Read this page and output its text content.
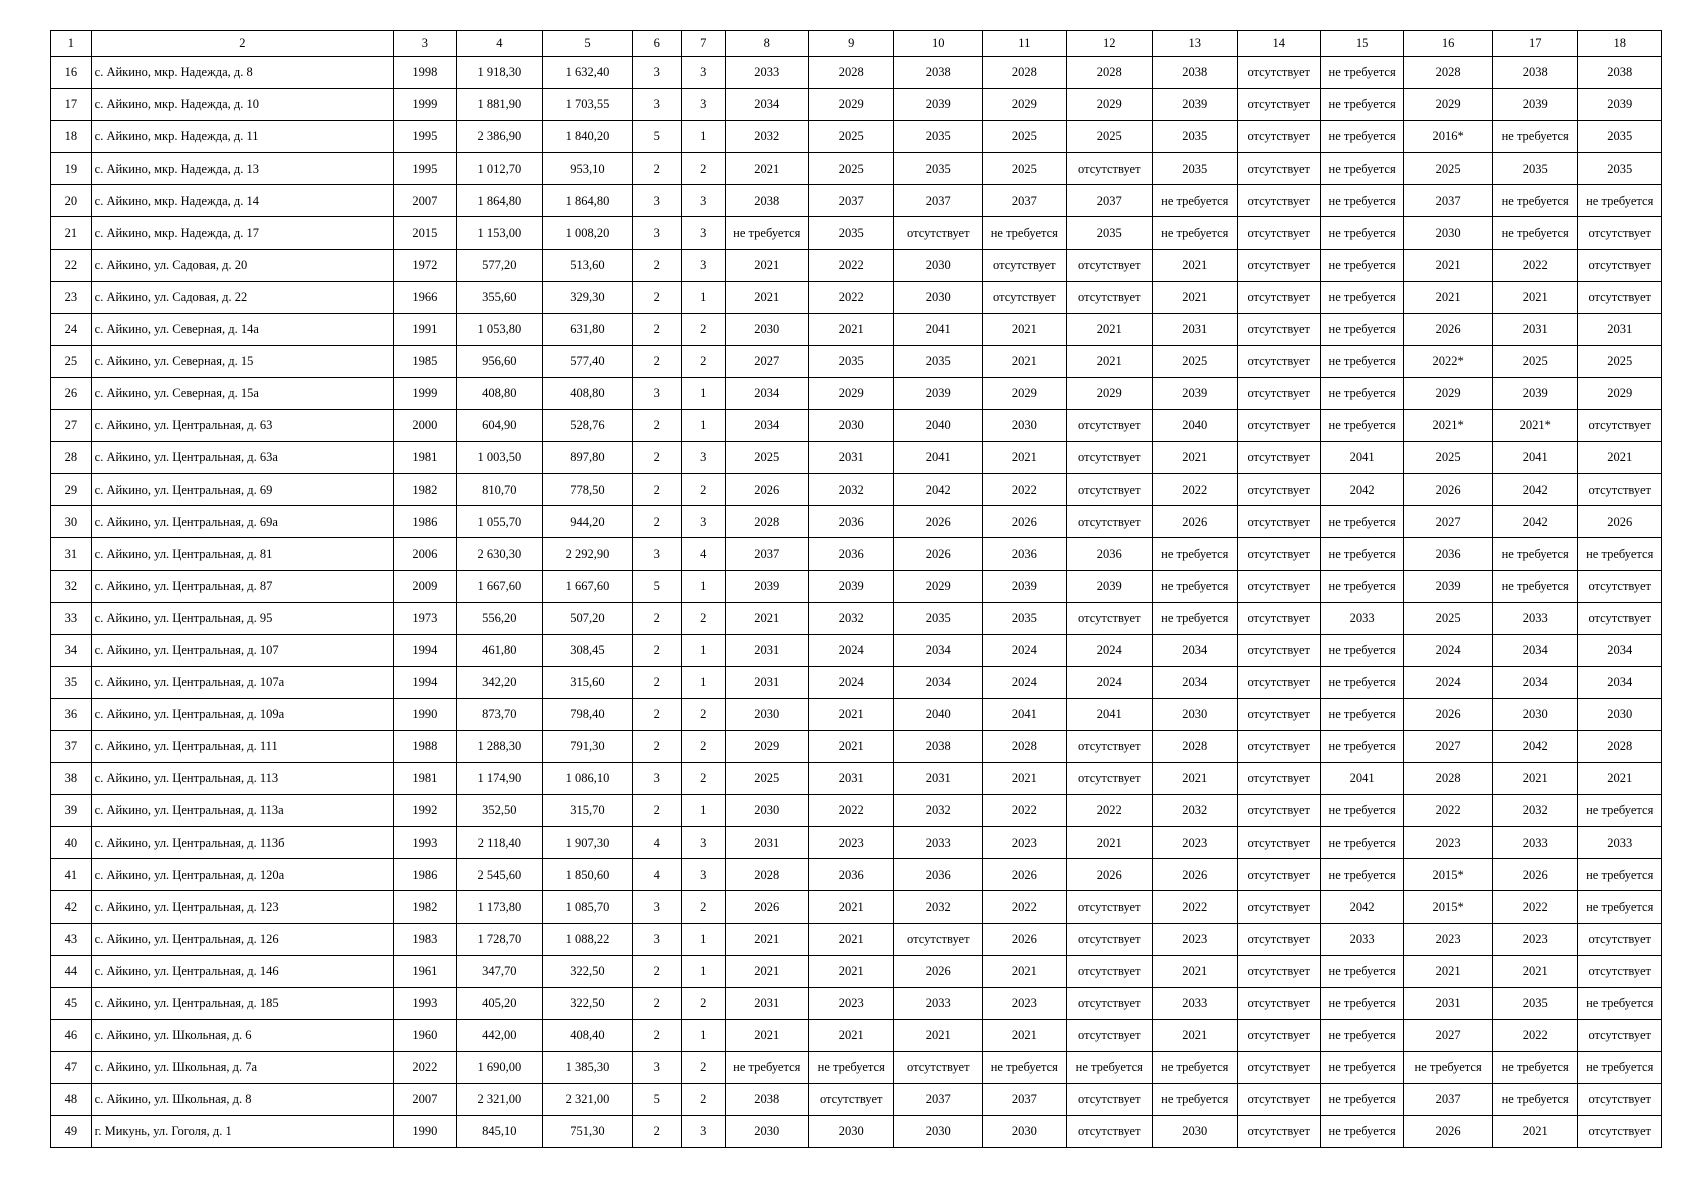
1	2	3	4	5	6	7	8	9	10	11	12	13	14	15	16	17	18
16	с. Айкино, мкр. Надежда, д. 8	1998	1 918,30	1 632,40	3	3	2033	2028	2038	2028	2028	2038	отсутствует	не требуется	2028	2038	2038
17	с. Айкино, мкр. Надежда, д. 10	1999	1 881,90	1 703,55	3	3	2034	2029	2039	2029	2029	2039	отсутствует	не требуется	2029	2039	2039
18	с. Айкино, мкр. Надежда, д. 11	1995	2 386,90	1 840,20	5	1	2032	2025	2035	2025	2025	2035	отсутствует	не требуется	2016*	не требуется	2035
19	с. Айкино, мкр. Надежда, д. 13	1995	1 012,70	953,10	2	2	2021	2025	2035	2025	отсутствует	2035	отсутствует	не требуется	2025	2035	2035
20	с. Айкино, мкр. Надежда, д. 14	2007	1 864,80	1 864,80	3	3	2038	2037	2037	2037	2037	не требуется	отсутствует	не требуется	2037	не требуется	не требуется
21	с. Айкино, мкр. Надежда, д. 17	2015	1 153,00	1 008,20	3	3	не требуется	2035	отсутствует	не требуется	2035	не требуется	отсутствует	не требуется	2030	не требуется	отсутствует
22	с. Айкино, ул. Садовая, д. 20	1972	577,20	513,60	2	3	2021	2022	2030	отсутствует	отсутствует	2021	отсутствует	не требуется	2021	2022	отсутствует
23	с. Айкино, ул. Садовая, д. 22	1966	355,60	329,30	2	1	2021	2022	2030	отсутствует	отсутствует	2021	отсутствует	не требуется	2021	2021	отсутствует
24	с. Айкино, ул. Северная, д. 14а	1991	1 053,80	631,80	2	2	2030	2021	2041	2021	2021	2031	отсутствует	не требуется	2026	2031	2031
25	с. Айкино, ул. Северная, д. 15	1985	956,60	577,40	2	2	2027	2035	2035	2021	2021	2025	отсутствует	не требуется	2022*	2025	2025
26	с. Айкино, ул. Северная, д. 15а	1999	408,80	408,80	3	1	2034	2029	2039	2029	2029	2039	отсутствует	не требуется	2029	2039	2029
27	с. Айкино, ул. Центральная, д. 63	2000	604,90	528,76	2	1	2034	2030	2040	2030	отсутствует	2040	отсутствует	не требуется	2021*	2021*	отсутствует
28	с. Айкино, ул. Центральная, д. 63а	1981	1 003,50	897,80	2	3	2025	2031	2041	2021	отсутствует	2021	отсутствует	2041	2025	2041	2021
29	с. Айкино, ул. Центральная, д. 69	1982	810,70	778,50	2	2	2026	2032	2042	2022	отсутствует	2022	отсутствует	2042	2026	2042	отсутствует
30	с. Айкино, ул. Центральная, д. 69а	1986	1 055,70	944,20	2	3	2028	2036	2026	2026	отсутствует	2026	отсутствует	не требуется	2027	2042	2026
31	с. Айкино, ул. Центральная, д. 81	2006	2 630,30	2 292,90	3	4	2037	2036	2026	2036	2036	не требуется	отсутствует	не требуется	2036	не требуется	не требуется
32	с. Айкино, ул. Центральная, д. 87	2009	1 667,60	1 667,60	5	1	2039	2039	2029	2039	2039	не требуется	отсутствует	не требуется	2039	не требуется	отсутствует
33	с. Айкино, ул. Центральная, д. 95	1973	556,20	507,20	2	2	2021	2032	2035	2035	отсутствует	не требуется	отсутствует	2033	2025	2033	отсутствует
34	с. Айкино, ул. Центральная, д. 107	1994	461,80	308,45	2	1	2031	2024	2034	2024	2024	2034	отсутствует	не требуется	2024	2034	2034
35	с. Айкино, ул. Центральная, д. 107а	1994	342,20	315,60	2	1	2031	2024	2034	2024	2024	2034	отсутствует	не требуется	2024	2034	2034
36	с. Айкино, ул. Центральная, д. 109а	1990	873,70	798,40	2	2	2030	2021	2040	2041	2041	2030	отсутствует	не требуется	2026	2030	2030
37	с. Айкино, ул. Центральная, д. 111	1988	1 288,30	791,30	2	2	2029	2021	2038	2028	отсутствует	2028	отсутствует	не требуется	2027	2042	2028
38	с. Айкино, ул. Центральная, д. 113	1981	1 174,90	1 086,10	3	2	2025	2031	2031	2021	отсутствует	2021	отсутствует	2041	2028	2021	2021
39	с. Айкино, ул. Центральная, д. 113а	1992	352,50	315,70	2	1	2030	2022	2032	2022	2022	2032	отсутствует	не требуется	2022	2032	не требуется
40	с. Айкино, ул. Центральная, д. 113б	1993	2 118,40	1 907,30	4	3	2031	2023	2033	2023	2021	2023	отсутствует	не требуется	2023	2033	2033
41	с. Айкино, ул. Центральная, д. 120а	1986	2 545,60	1 850,60	4	3	2028	2036	2036	2026	2026	2026	отсутствует	не требуется	2015*	2026	не требуется
42	с. Айкино, ул. Центральная, д. 123	1982	1 173,80	1 085,70	3	2	2026	2021	2032	2022	отсутствует	2022	отсутствует	2042	2015*	2022	не требуется
43	с. Айкино, ул. Центральная, д. 126	1983	1 728,70	1 088,22	3	1	2021	2021	отсутствует	2026	отсутствует	2023	отсутствует	2033	2023	2023	отсутствует
44	с. Айкино, ул. Центральная, д. 146	1961	347,70	322,50	2	1	2021	2021	2026	2021	отсутствует	2021	отсутствует	не требуется	2021	2021	отсутствует
45	с. Айкино, ул. Центральная, д. 185	1993	405,20	322,50	2	2	2031	2023	2033	2023	отсутствует	2033	отсутствует	не требуется	2031	2035	не требуется
46	с. Айкино, ул. Школьная, д. 6	1960	442,00	408,40	2	1	2021	2021	2021	2021	отсутствует	2021	отсутствует	не требуется	2027	2022	отсутствует
47	с. Айкино, ул. Школьная, д. 7а	2022	1 690,00	1 385,30	3	2	не требуется	не требуется	отсутствует	не требуется	не требуется	не требуется	отсутствует	не требуется	не требуется	не требуется	не требуется
48	с. Айкино, ул. Школьная, д. 8	2007	2 321,00	2 321,00	5	2	2038	отсутствует	2037	2037	отсутствует	не требуется	отсутствует	не требуется	2037	не требуется	отсутствует
49	г. Микунь, ул. Гоголя, д. 1	1990	845,10	751,30	2	3	2030	2030	2030	2030	отсутствует	2030	отсутствует	не требуется	2026	2021	отсутствует
